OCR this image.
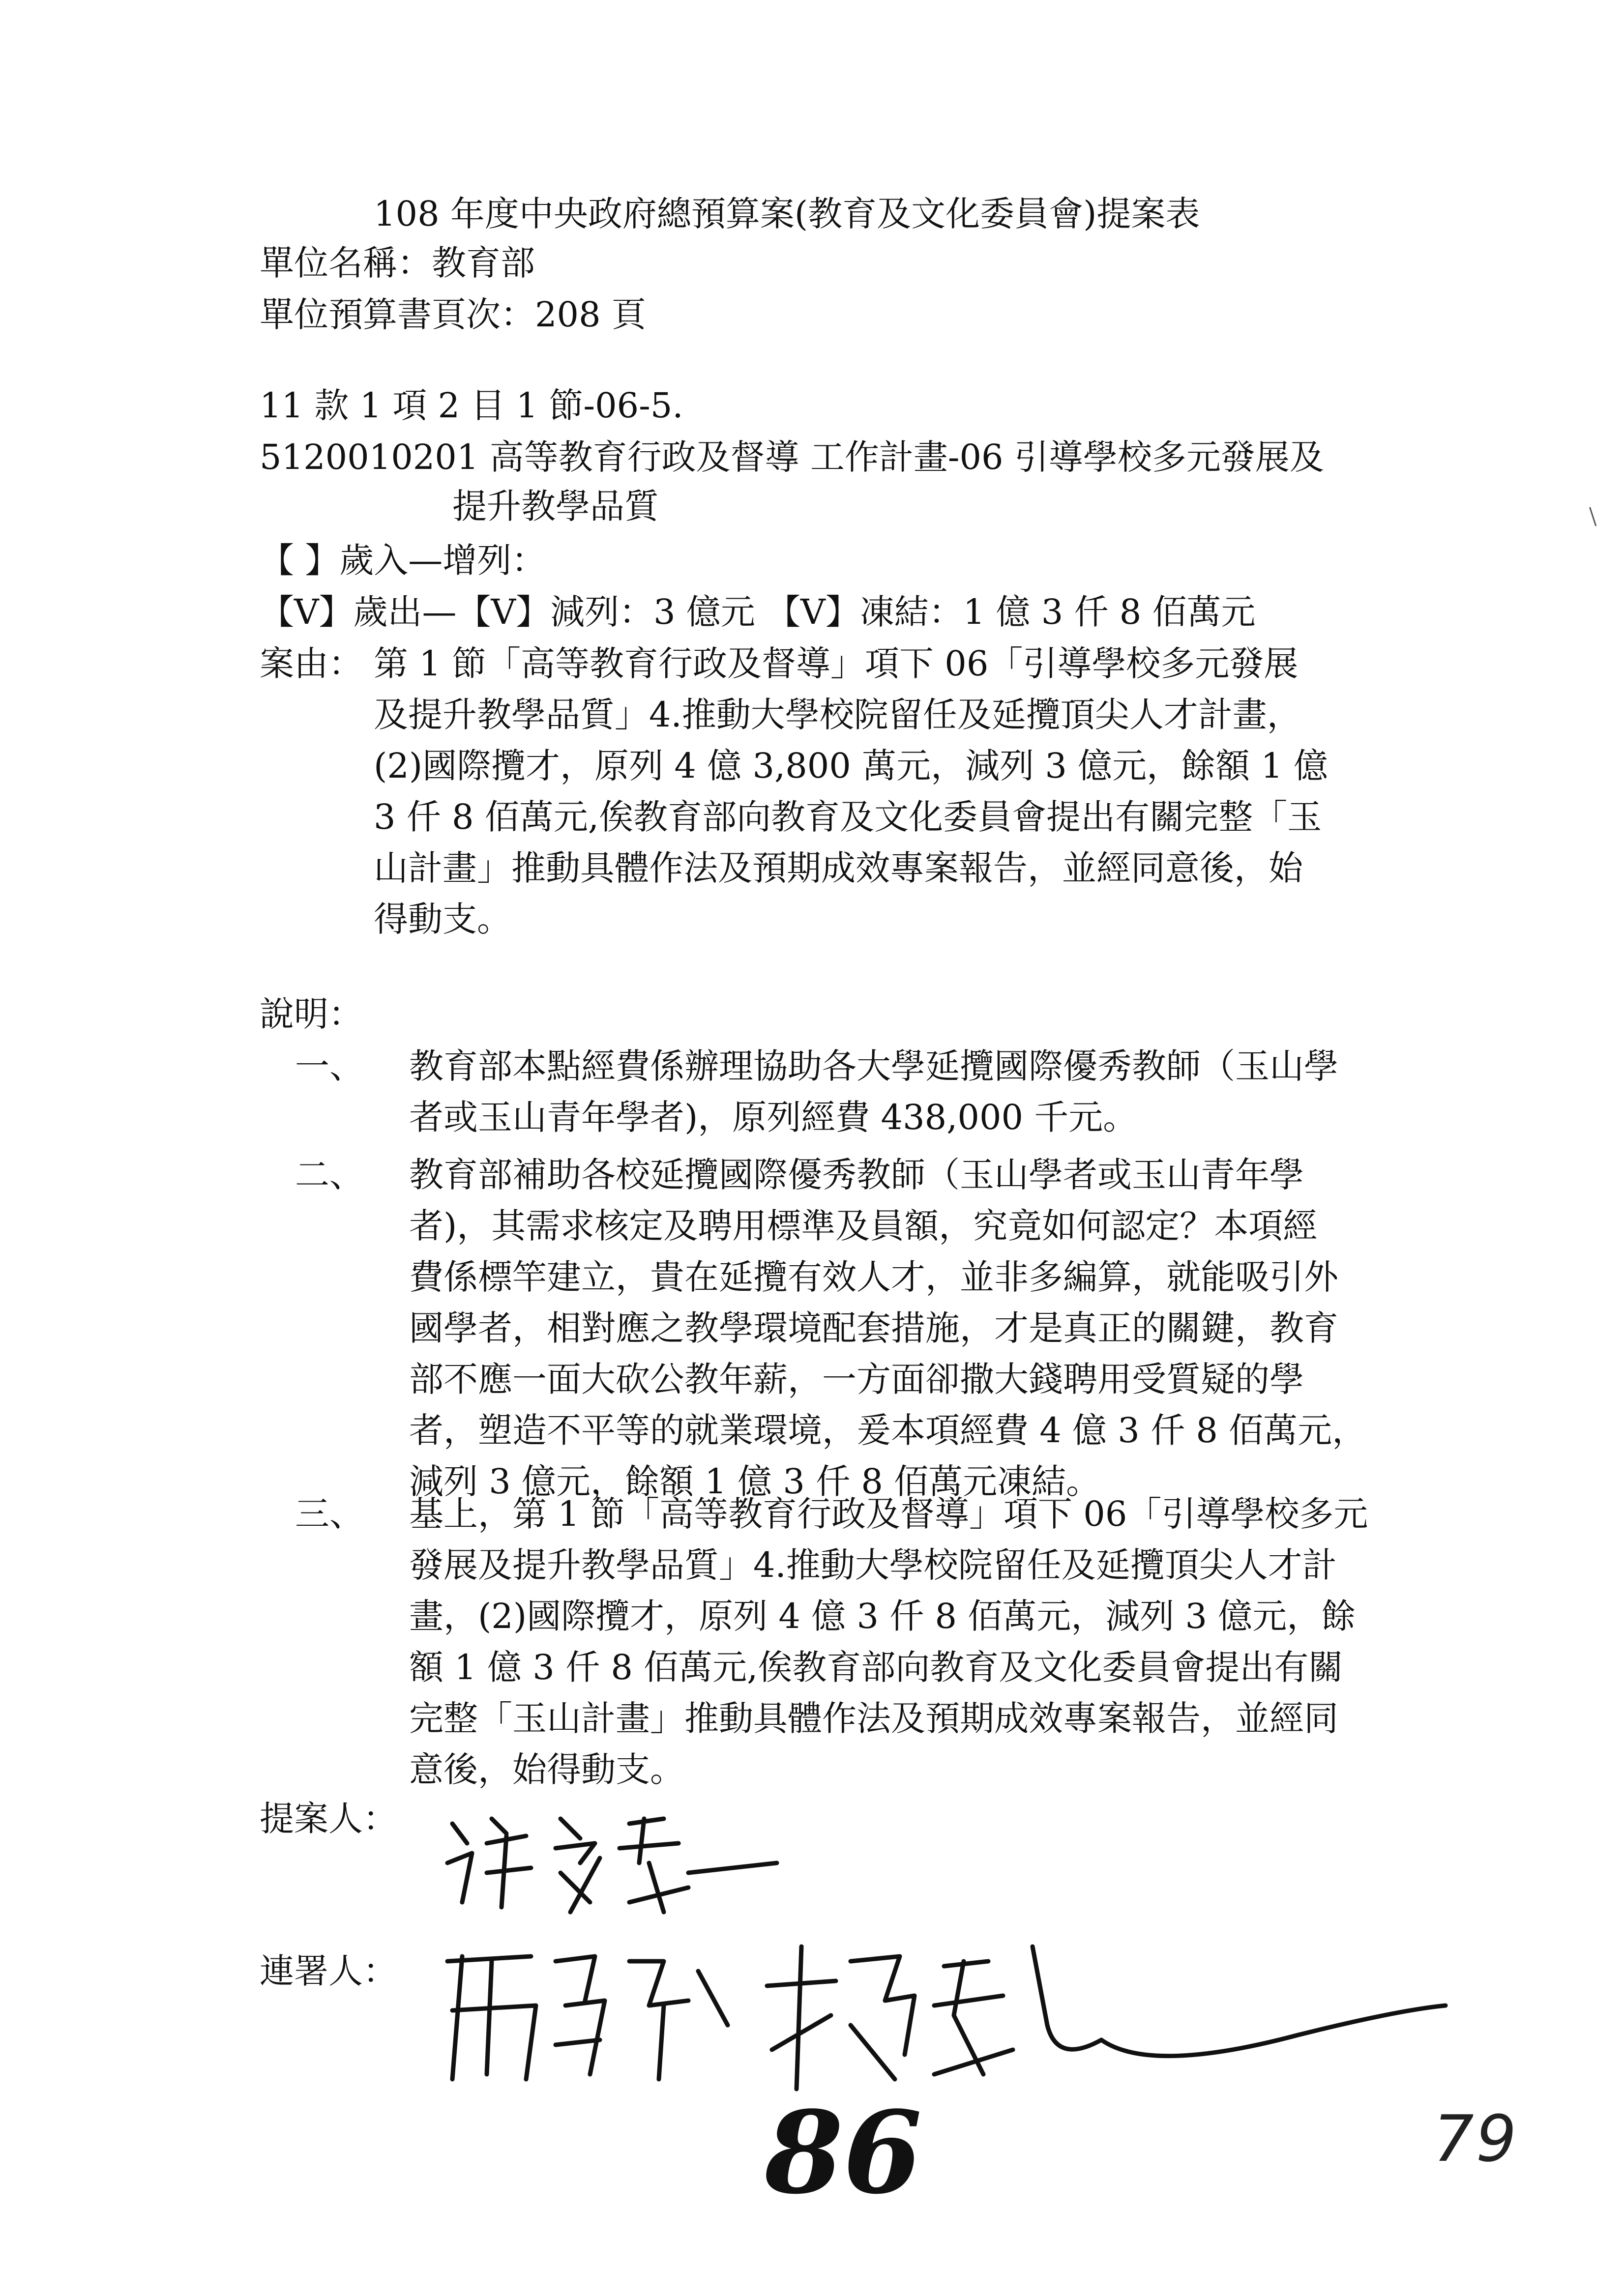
108 年度中央政府總預算案(教育及文化委員會)提案表
單位名稱：教育部
單位預算書頁次：208 頁
11 款 1 項 2 目 1 節-06-5.
5120010201 高等教育行政及督導 工作計畫-06 引導學校多元發展及
提升教學品質
【 】歲入—增列：
【V】歲出—【V】減列：3 億元 【V】凍結：1 億 3 仟 8 佰萬元
案由： 第 1 節「高等教育行政及督導」項下 06「引導學校多元發展
及提升教學品質」4.推動大學校院留任及延攬頂尖人才計畫，
(2)國際攬才，原列 4 億 3,800 萬元，減列 3 億元，餘額 1 億
3 仟 8 佰萬元,俟教育部向教育及文化委員會提出有關完整「玉
山計畫」推動具體作法及預期成效專案報告，並經同意後，始
得動支。
說明：
一、 教育部本點經費係辦理協助各大學延攬國際優秀教師（玉山學
者或玉山青年學者)，原列經費 438,000 千元。
二、 教育部補助各校延攬國際優秀教師（玉山學者或玉山青年學
者)，其需求核定及聘用標準及員額，究竟如何認定？本項經
費係標竿建立，貴在延攬有效人才，並非多編算，就能吸引外
國學者，相對應之教學環境配套措施，才是真正的關鍵，教育
部不應一面大砍公教年薪，一方面卻撒大錢聘用受質疑的學
者，塑造不平等的就業環境，爰本項經費 4 億 3 仟 8 佰萬元，
減列 3 億元，餘額 1 億 3 仟 8 佰萬元凍結。
三、 基上，第 1 節「高等教育行政及督導」項下 06「引導學校多元
發展及提升教學品質」4.推動大學校院留任及延攬頂尖人才計
畫，(2)國際攬才，原列 4 億 3 仟 8 佰萬元，減列 3 億元，餘
額 1 億 3 仟 8 佰萬元,俟教育部向教育及文化委員會提出有關
完整「玉山計畫」推動具體作法及預期成效專案報告，並經同
意後，始得動支。
提案人：
連署人：
86	79
